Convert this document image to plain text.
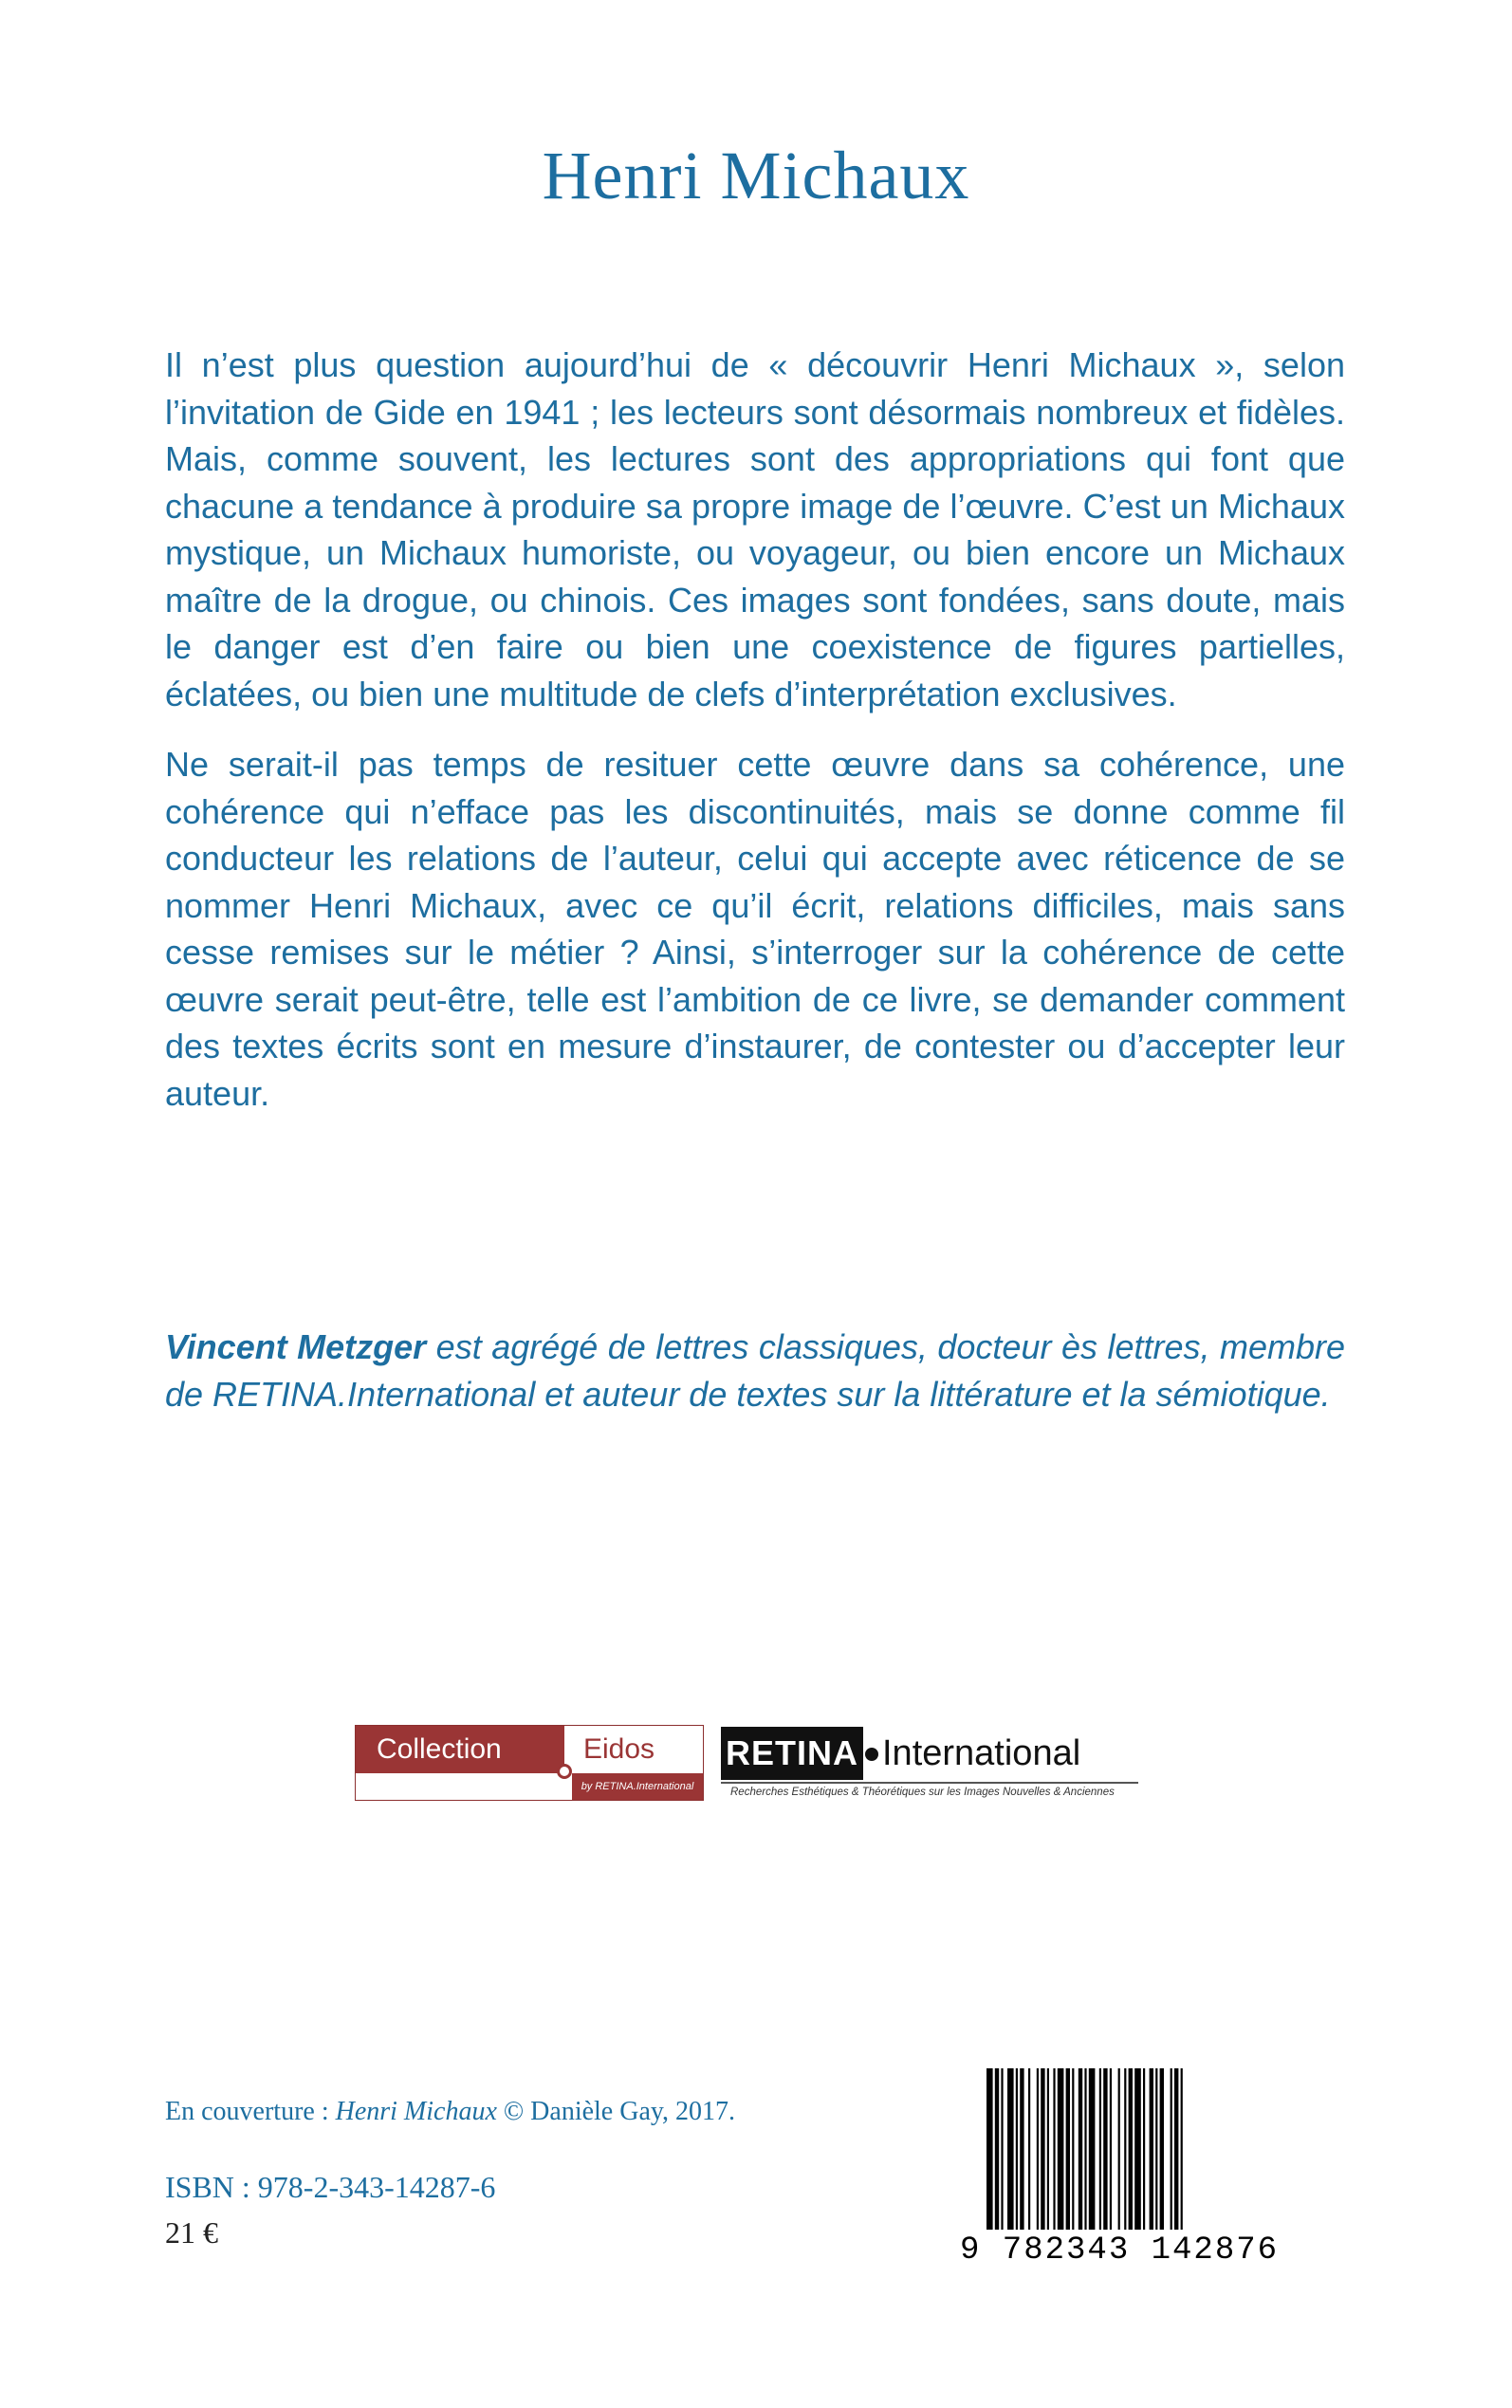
Henri Michaux

Il n’est plus question aujourd’hui de « découvrir Henri Michaux », selon l’invitation de Gide en 1941 ; les lecteurs sont désormais nombreux et fidèles. Mais, comme souvent, les lectures sont des appropriations qui font que chacune a tendance à produire sa propre image de l’œuvre. C’est un Michaux mystique, un Michaux humoriste, ou voyageur, ou bien encore un Michaux maître de la drogue, ou chinois. Ces images sont fondées, sans doute, mais le danger est d’en faire ou bien une coexistence de figures partielles, éclatées, ou bien une multitude de clefs d’interprétation exclusives.

Ne serait-il pas temps de resituer cette œuvre dans sa cohérence, une cohérence qui n’efface pas les discontinuités, mais se donne comme fil conducteur les relations de l’auteur, celui qui accepte avec réticence de se nommer Henri Michaux, avec ce qu’il écrit, relations difficiles, mais sans cesse remises sur le métier ? Ainsi, s’interroger sur la cohérence de cette œuvre serait peut-être, telle est l’ambition de ce livre, se demander comment des textes écrits sont en mesure d’instaurer, de contester ou d’accepter leur auteur.

Vincent Metzger est agrégé de lettres classiques, docteur ès lettres, membre de RETINA.International et auteur de textes sur la littérature et la sémiotique.
Collection	Eidos
by RETINA.International
RETINA International
Recherches Esthétiques & Théorétiques sur les Images Nouvelles & Anciennes
En couverture : Henri Michaux © Danièle Gay, 2017.
ISBN : 978-2-343-14287-6
21 €	9 782343 142876
